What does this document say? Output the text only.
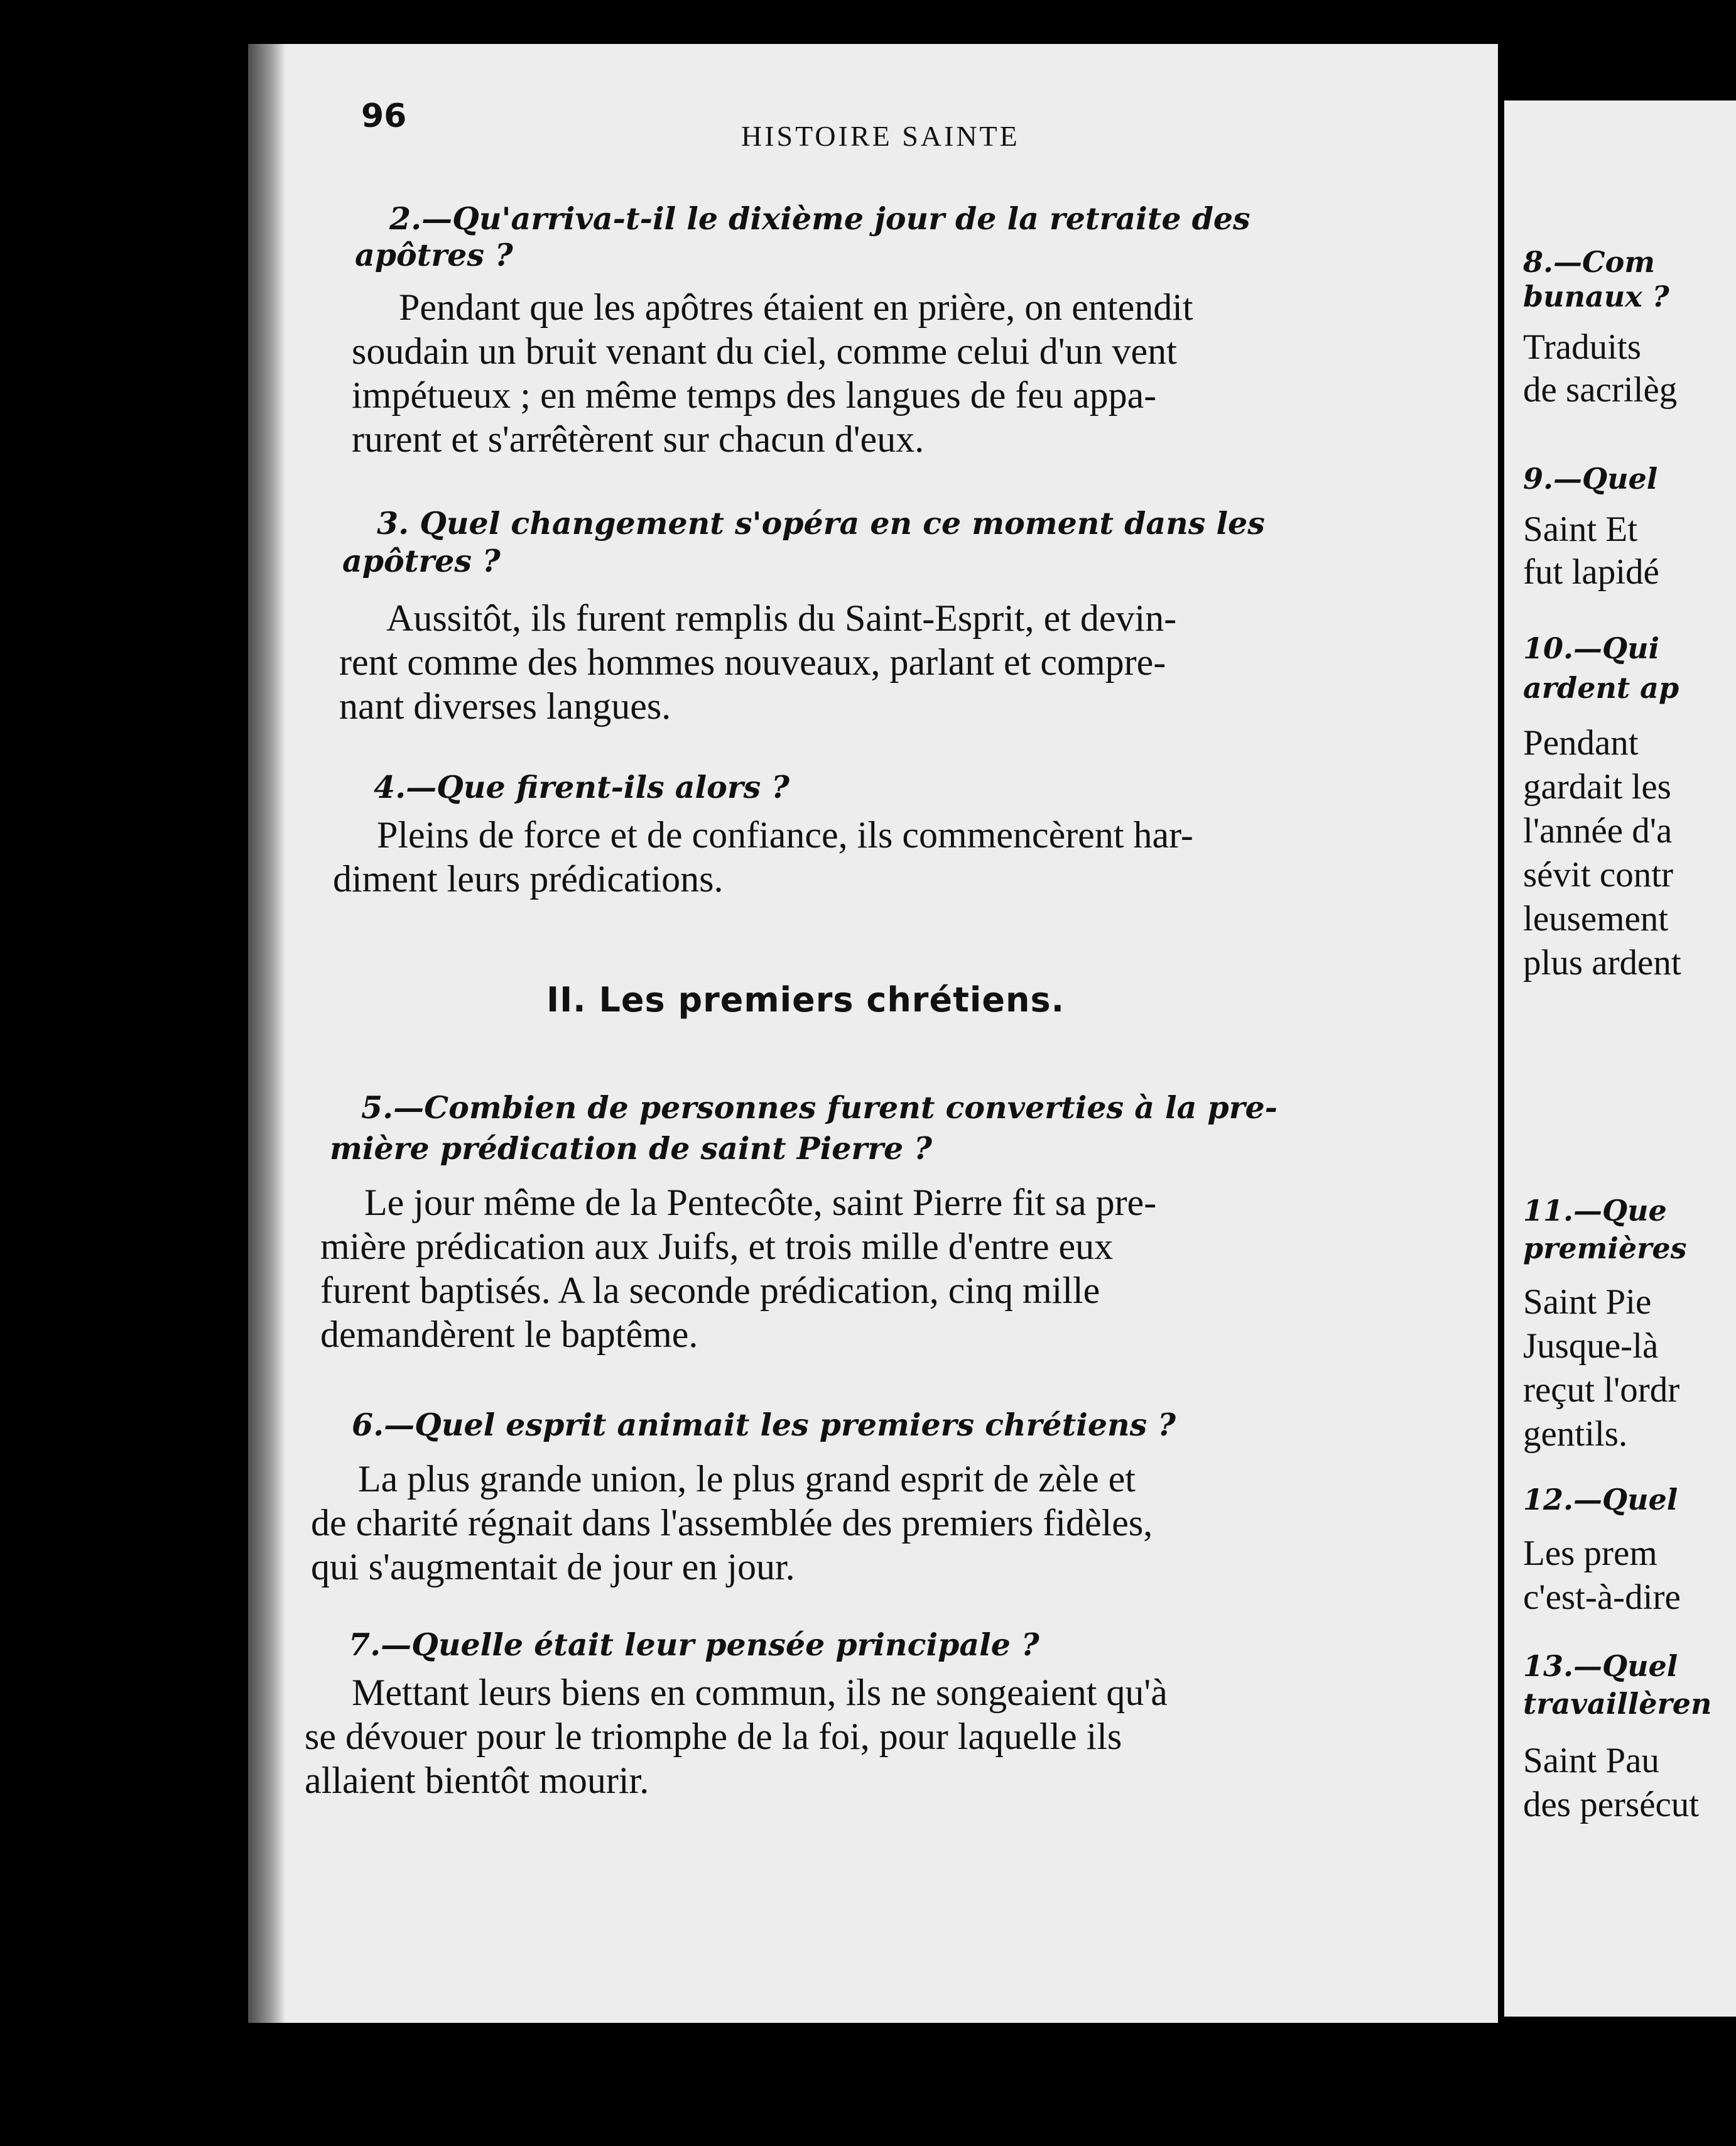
8.—Com

bunaux ?

Traduits

de sacrilèg

9.—Quel

Saint Et

fut lapidé

10.—Qui

ardent ap

Pendant

gardait les

l'année d'a

sévit contr

leusement

plus ardent

11.—Que

premières

Saint Pie

Jusque-là

reçut l'ordr

gentils.

12.—Quel

Les prem

c'est-à-dire

13.—Quel

travaillèren

Saint Pau

des persécut

96

HISTOIRE SAINTE

2.—Qu'arriva-t-il le dixième jour de la retraite des

apôtres ?

Pendant que les apôtres étaient en prière, on entendit

soudain un bruit venant du ciel, comme celui d'un vent

impétueux ; en même temps des langues de feu appa-

rurent et s'arrêtèrent sur chacun d'eux.

3. Quel changement s'opéra en ce moment dans les

apôtres ?

Aussitôt, ils furent remplis du Saint-Esprit, et devin-

rent comme des hommes nouveaux, parlant et compre-

nant diverses langues.

4.—Que firent-ils alors ?

Pleins de force et de confiance, ils commencèrent har-

diment leurs prédications.

II. Les premiers chrétiens.

5.—Combien de personnes furent converties à la pre-

mière prédication de saint Pierre ?

Le jour même de la Pentecôte, saint Pierre fit sa pre-

mière prédication aux Juifs, et trois mille d'entre eux

furent baptisés. A la seconde prédication, cinq mille

demandèrent le baptême.

6.—Quel esprit animait les premiers chrétiens ?

La plus grande union, le plus grand esprit de zèle et

de charité régnait dans l'assemblée des premiers fidèles,

qui s'augmentait de jour en jour.

7.—Quelle était leur pensée principale ?

Mettant leurs biens en commun, ils ne songeaient qu'à

se dévouer pour le triomphe de la foi, pour laquelle ils

allaient bientôt mourir.
